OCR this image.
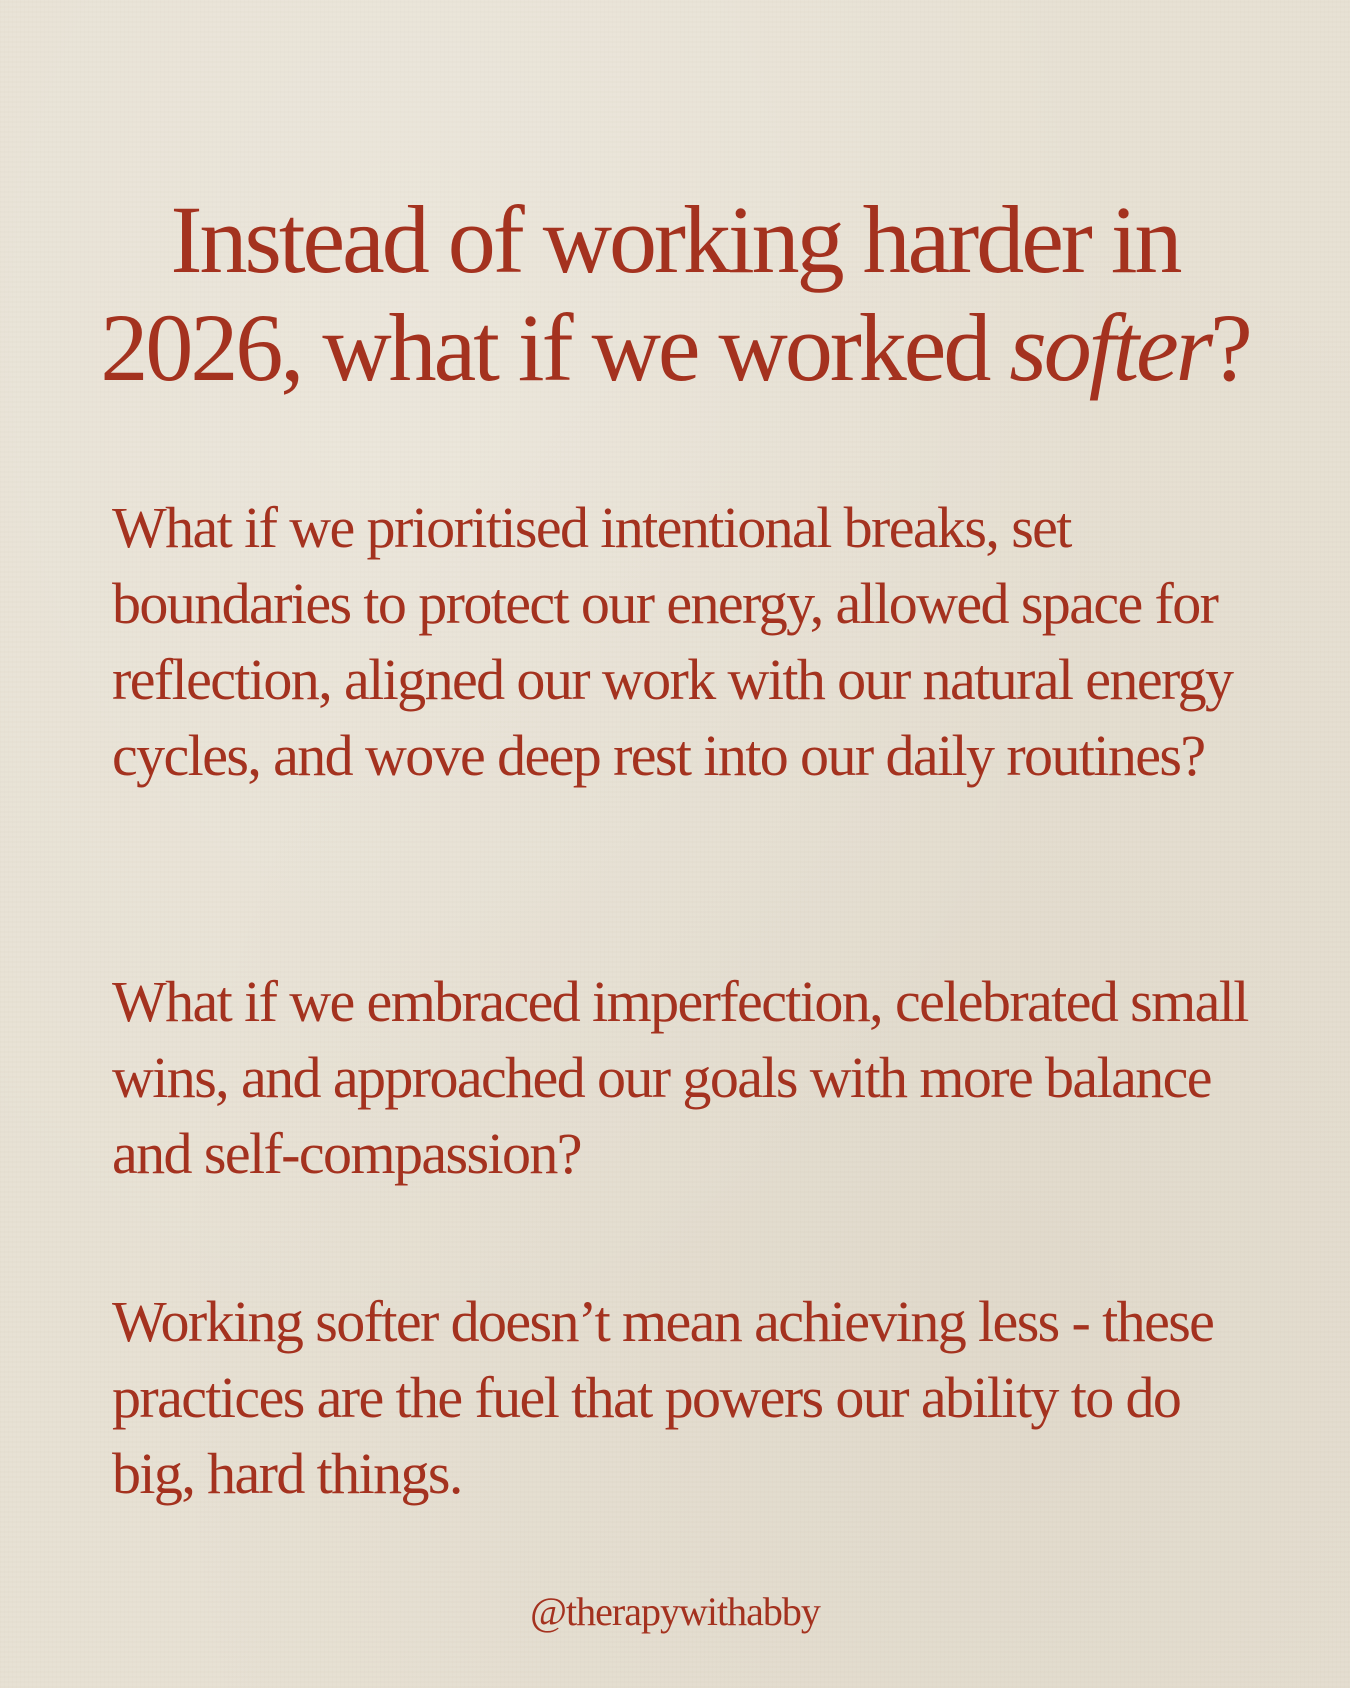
Instead of working harder in
2026, what if we worked softer?

What if we prioritised intentional breaks, set boundaries to protect our energy, allowed space for reflection, aligned our work with our natural energy cycles, and wove deep rest into our daily routines?

What if we embraced imperfection, celebrated small wins, and approached our goals with more balance and self-compassion?

Working softer doesn’t mean achieving less - these practices are the fuel that powers our ability to do big, hard things.

@therapywithabby
